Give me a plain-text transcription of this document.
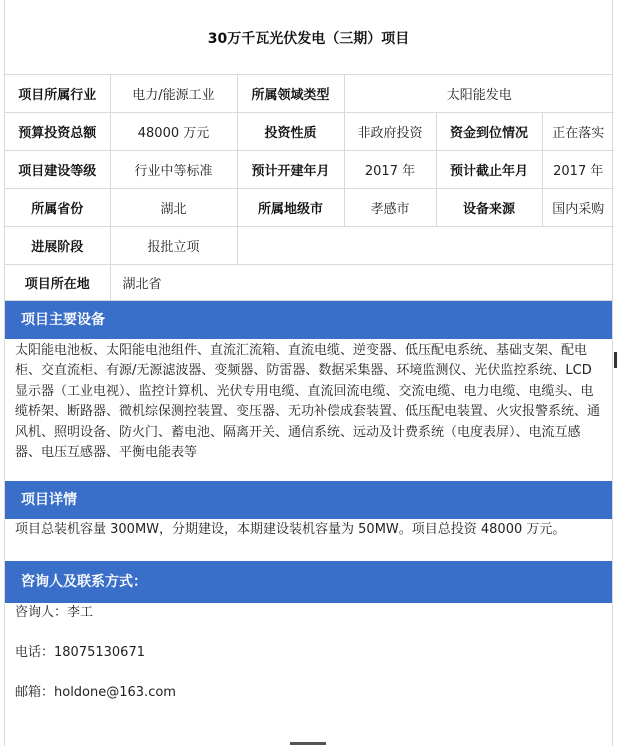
30万千瓦光伏发电（三期）项目
项目所属行业	电力/能源工业	所属领域类型	太阳能发电		
预算投资总额	48000 万元	投资性质	非政府投资	资金到位情况	正在落实
项目建设等级	行业中等标准	预计开建年月	2017 年	预计截止年月	2017 年
所属省份	湖北	所属地级市	孝感市	设备来源	国内采购
进展阶段	报批立项				
项目所在地	湖北省				
项目主要设备
太阳能电池板、太阳能电池组件、直流汇流箱、直流电缆、逆变器、低压配电系统、基础支架、配电柜、交直流柜、有源/无源滤波器、变频器、防雷器、数据采集器、环境监测仪、光伏监控系统、LCD显示器（工业电视）、监控计算机、光伏专用电缆、直流回流电缆、交流电缆、电力电缆、电缆头、电缆桥架、断路器、微机综保测控装置、变压器、无功补偿成套装置、低压配电装置、火灾报警系统、通风机、照明设备、防火门、蓄电池、隔离开关、通信系统、远动及计费系统（电度表屏）、电流互感器、电压互感器、平衡电能表等
项目详情
项目总装机容量 300MW，分期建设，本期建设装机容量为 50MW。项目总投资 48000 万元。
咨询人及联系方式：
咨询人：李工
电话：18075130671
邮箱：holdone@163.com
